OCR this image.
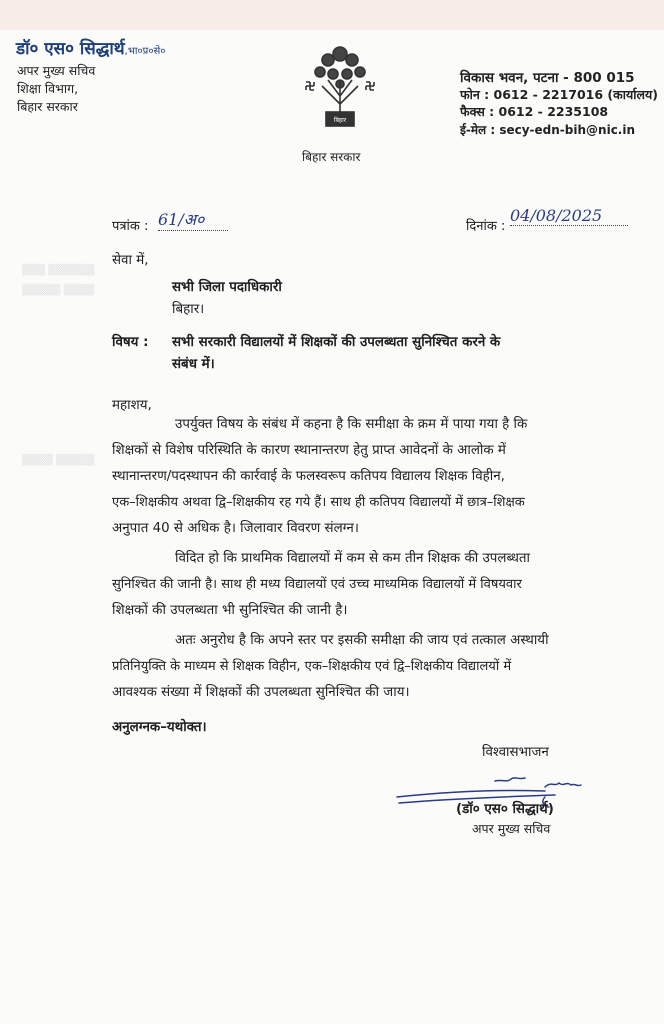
▒▒▒ ▒▒▒▒▒▒
▒▒▒▒▒ ▒▒▒▒
▒▒▒▒ ▒▒▒▒▒
डॉ० एस० सिद्धार्थ,भा०प्र०से०
अपर मुख्य सचिव
शिक्षा विभाग,
बिहार सरकार
बिहार
बिहार सरकार
विकास भवन, पटना - 800 015
फोन : 0612 - 2217016 (कार्यालय)
फैक्स : 0612 - 2235108
ई-मेल : secy-edn-bih@nic.in
पत्रांक : 61/अ०	दिनांक :
04/08/2025
सेवा में,
सभी जिला पदाधिकारी
बिहार।
विषय : सभी सरकारी विद्यालयों में शिक्षकों की उपलब्धता सुनिश्चित करने के
संबंध में।
महाशय,
उपर्युक्त विषय के संबंध में कहना है कि समीक्षा के क्रम में पाया गया है कि
शिक्षकों से विशेष परिस्थिति के कारण स्थानान्तरण हेतु प्राप्त आवेदनों के आलोक में
स्थानान्तरण/पदस्थापन की कार्रवाई के फलस्वरूप कतिपय विद्यालय शिक्षक विहीन,
एक–शिक्षकीय अथवा द्वि–शिक्षकीय रह गये हैं। साथ ही कतिपय विद्यालयों में छात्र–शिक्षक
अनुपात 40 से अधिक है। जिलावार विवरण संलग्न।
विदित हो कि प्राथमिक विद्यालयों में कम से कम तीन शिक्षक की उपलब्धता
सुनिश्चित की जानी है। साथ ही मध्य विद्यालयों एवं उच्च माध्यमिक विद्यालयों में विषयवार
शिक्षकों की उपलब्धता भी सुनिश्चित की जानी है।
अतः अनुरोध है कि अपने स्तर पर इसकी समीक्षा की जाय एवं तत्काल अस्थायी
प्रतिनियुक्ति के माध्यम से शिक्षक विहीन, एक–शिक्षकीय एवं द्वि–शिक्षकीय विद्यालयों में
आवश्यक संख्या में शिक्षकों की उपलब्धता सुनिश्चित की जाय।
अनुलग्नक–यथोक्त।
विश्वासभाजन
(डॉ० एस० सिद्धार्थ)
अपर मुख्य सचिव
